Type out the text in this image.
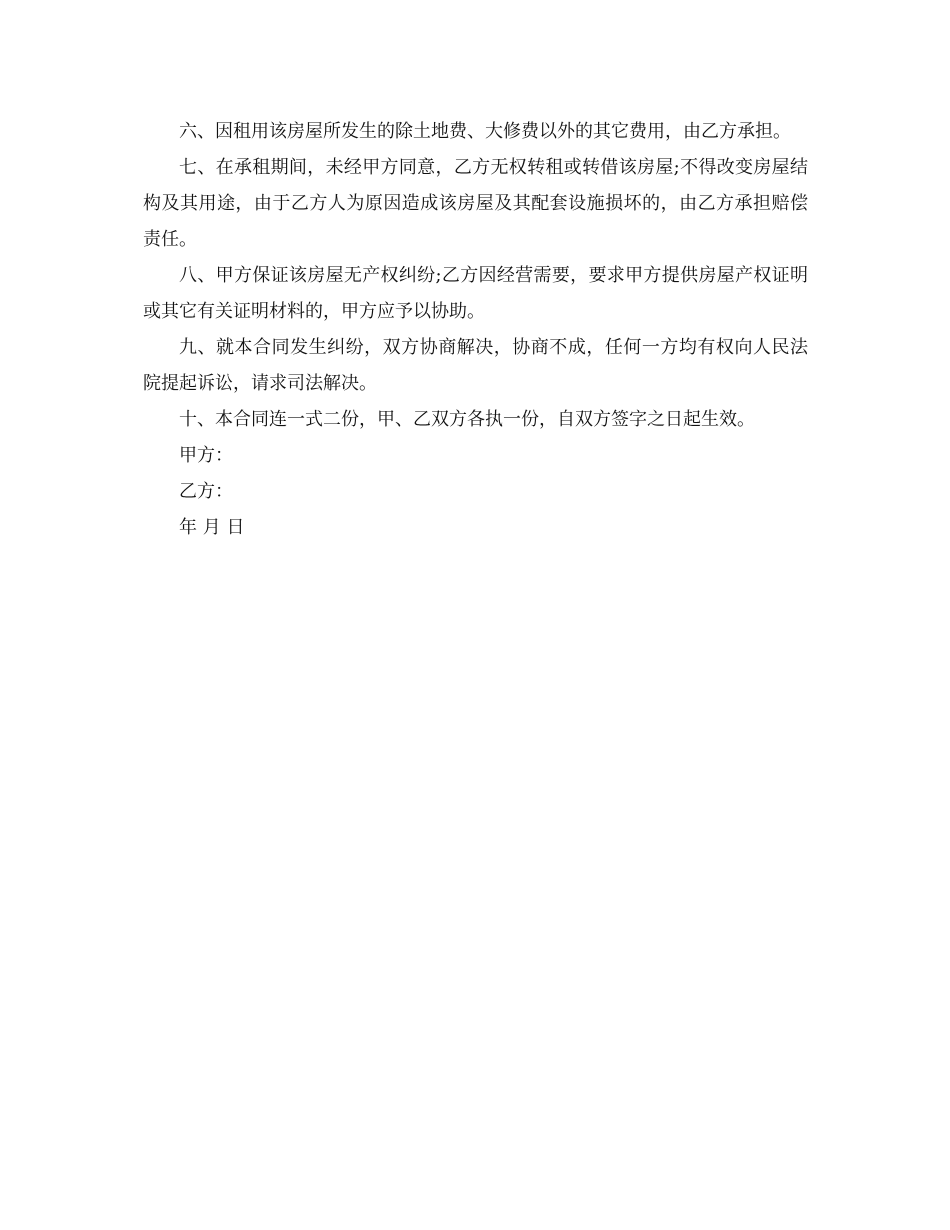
六、因租用该房屋所发生的除土地费、大修费以外的其它费用，由乙方承担。

七、在承租期间，未经甲方同意，乙方无权转租或转借该房屋;不得改变房屋结构及其用途，由于乙方人为原因造成该房屋及其配套设施损坏的，由乙方承担赔偿责任。

八、甲方保证该房屋无产权纠纷;乙方因经营需要，要求甲方提供房屋产权证明或其它有关证明材料的，甲方应予以协助。

九、就本合同发生纠纷，双方协商解决，协商不成，任何一方均有权向人民法院提起诉讼，请求司法解决。

十、本合同连一式二份，甲、乙双方各执一份，自双方签字之日起生效。

甲方：

乙方：

年 月 日
